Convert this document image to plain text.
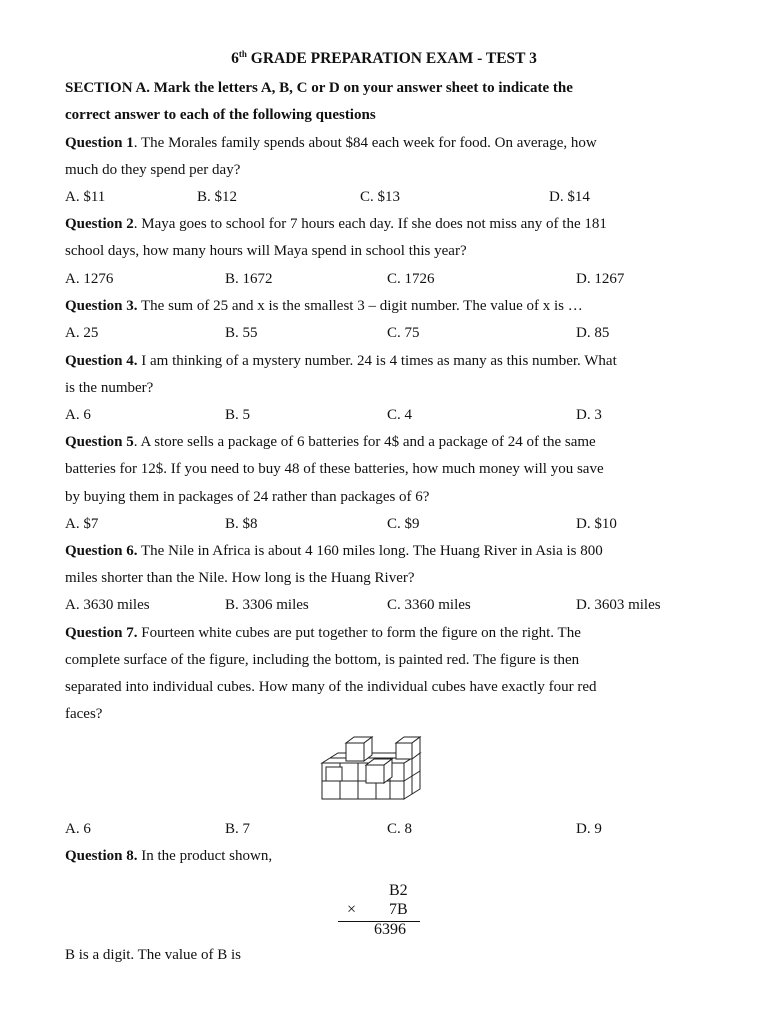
6th GRADE PREPARATION EXAM - TEST 3
SECTION A. Mark the letters A, B, C or D on your answer sheet to indicate the
correct answer to each of the following questions
Question 1. The Morales family spends about $84 each week for food. On average, how
much do they spend per day?
A. $11	B. $12	C. $13	D. $14
Question 2. Maya goes to school for 7 hours each day. If she does not miss any of the 181
school days, how many hours will Maya spend in school this year?
A. 1276	B. 1672	C. 1726	D. 1267
Question 3. The sum of 25 and x is the smallest 3 – digit number. The value of x is …
A. 25	B. 55	C. 75	D. 85
Question 4. I am thinking of a mystery number. 24 is 4 times as many as this number. What
is the number?
A. 6	B. 5	C. 4	D. 3
Question 5. A store sells a package of 6 batteries for 4$ and a package of 24 of the same
batteries for 12$. If you need to buy 48 of these batteries, how much money will you save
by buying them in packages of 24 rather than packages of 6?
A. $7	B. $8	C. $9	D. $10
Question 6. The Nile in Africa is about 4 160 miles long. The Huang River in Asia is 800
miles shorter than the Nile. How long is the Huang River?
A. 3630 miles	B. 3306 miles	C. 3360 miles	D. 3603 miles
Question 7. Fourteen white cubes are put together to form the figure on the right. The
complete surface of the figure, including the bottom, is painted red. The figure is then
separated into individual cubes. How many of the individual cubes have exactly four red
faces?
A. 6	B. 7	C. 8	D. 9
Question 8. In the product shown,
B2
× 7B
6396
B is a digit. The value of B is
